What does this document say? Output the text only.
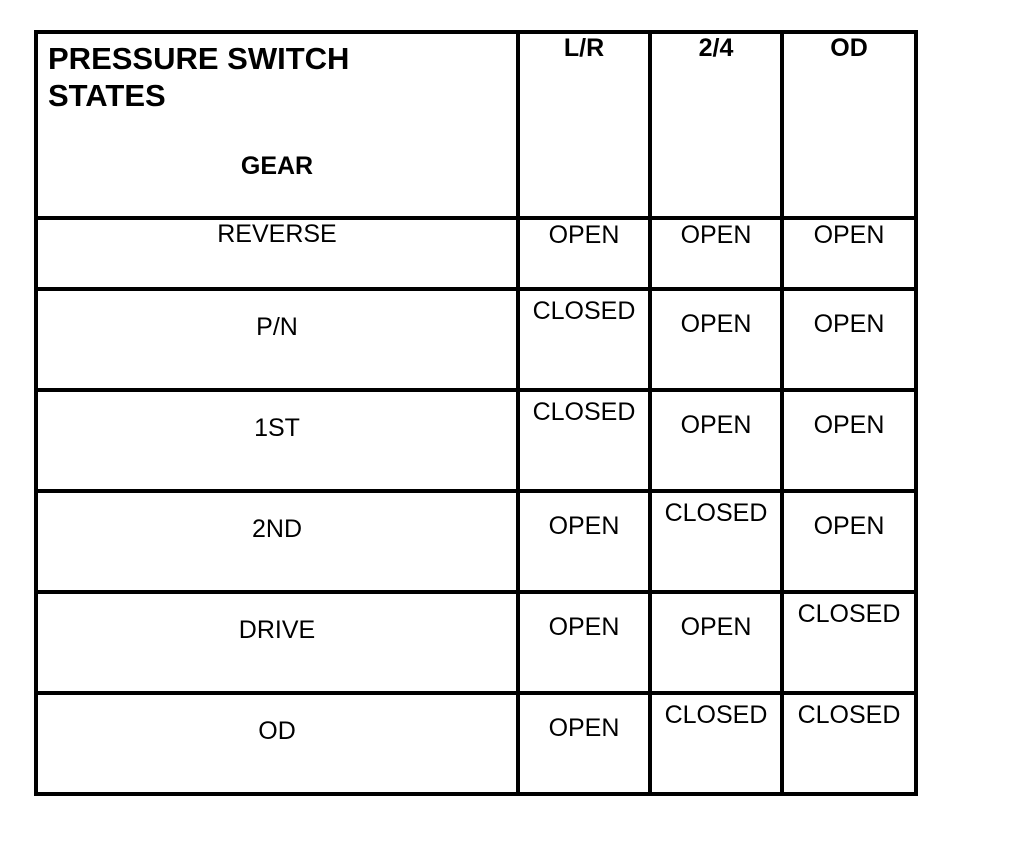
PRESSURE SWITCH STATES
GEAR	L/R	2/4	OD

REVERSE	OPEN	OPEN	OPEN
P/N	CLOSED	OPEN	OPEN
1ST	CLOSED	OPEN	OPEN
2ND	OPEN	CLOSED	OPEN
DRIVE	OPEN	OPEN	CLOSED
OD	OPEN	CLOSED	CLOSED
